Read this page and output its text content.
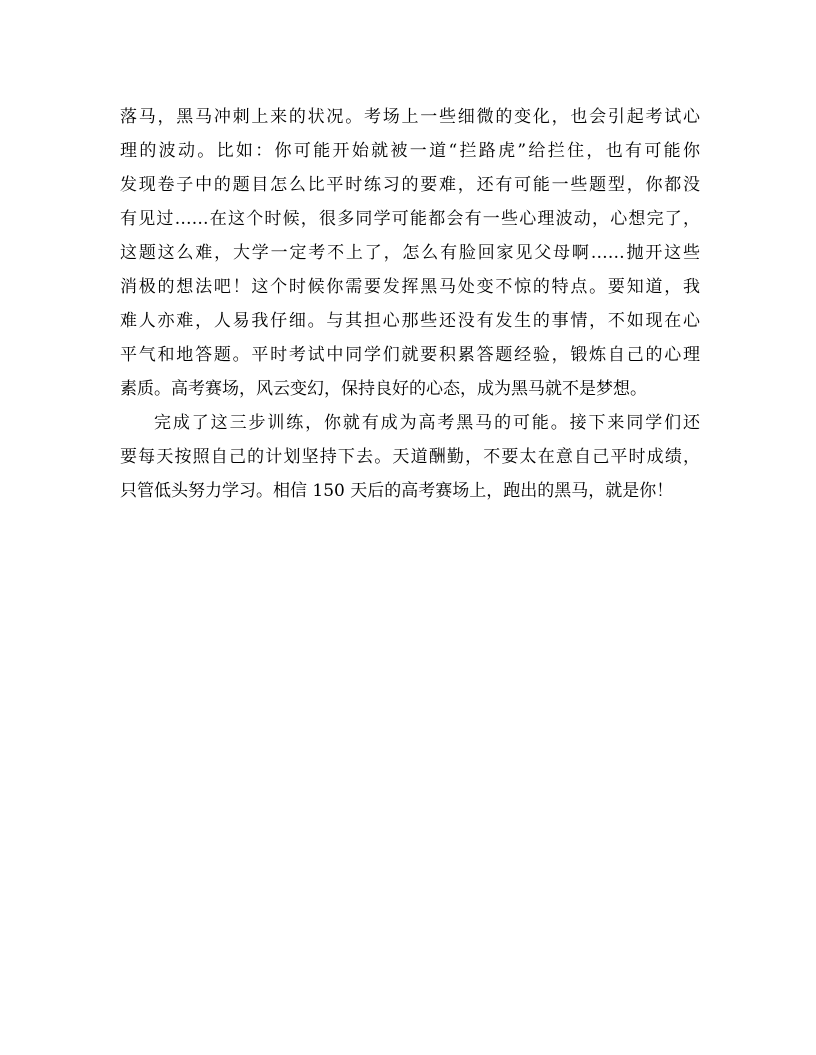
落马，黑马冲刺上来的状况。考场上一些细微的变化，也会引起考试心
理的波动。比如：你可能开始就被一道“拦路虎”给拦住，也有可能你
发现卷子中的题目怎么比平时练习的要难，还有可能一些题型，你都没
有见过……在这个时候，很多同学可能都会有一些心理波动，心想完了，
这题这么难，大学一定考不上了，怎么有脸回家见父母啊……抛开这些
消极的想法吧！这个时候你需要发挥黑马处变不惊的特点。要知道，我
难人亦难，人易我仔细。与其担心那些还没有发生的事情，不如现在心
平气和地答题。平时考试中同学们就要积累答题经验，锻炼自己的心理
素质。高考赛场，风云变幻，保持良好的心态，成为黑马就不是梦想。
完成了这三步训练，你就有成为高考黑马的可能。接下来同学们还
要每天按照自己的计划坚持下去。天道酬勤，不要太在意自己平时成绩，
只管低头努力学习。相信 150 天后的高考赛场上，跑出的黑马，就是你！
